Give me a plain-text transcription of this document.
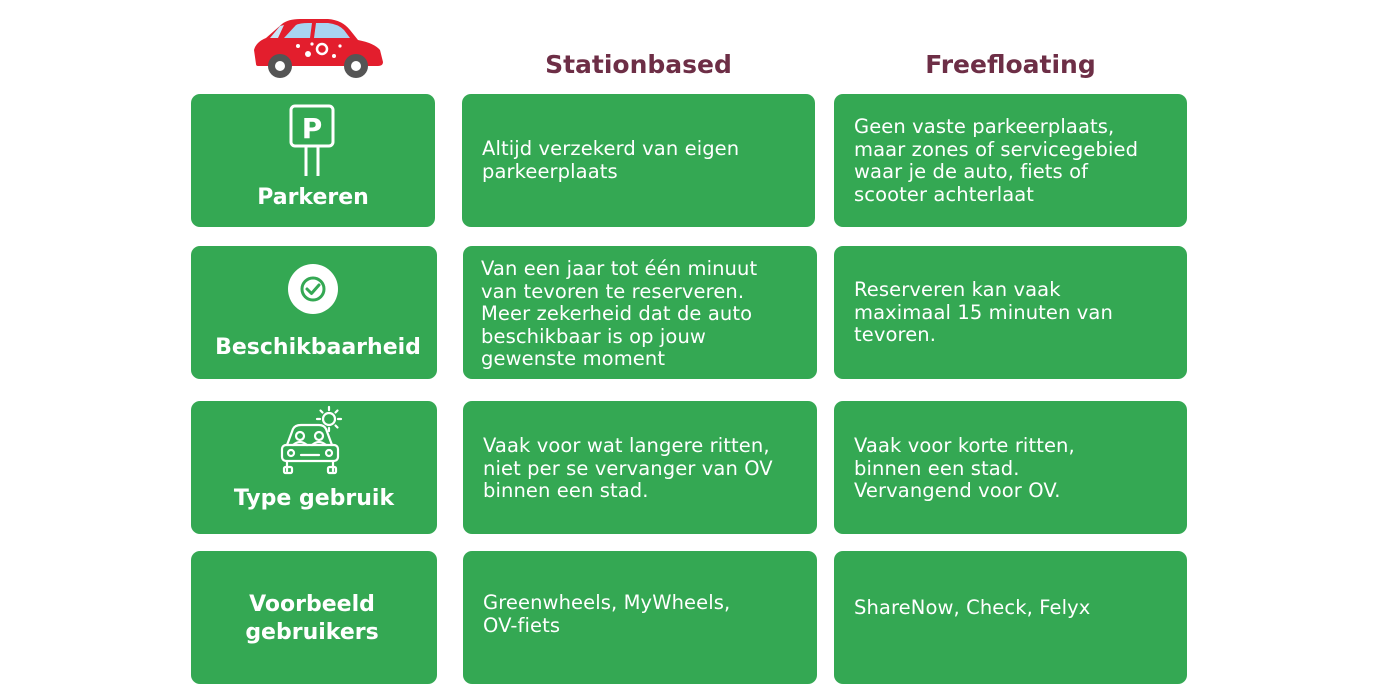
Stationbased	Freefloating
P
Parkeren
Altijd verzekerd van eigen
parkeerplaats
Geen vaste parkeerplaats,
maar zones of servicegebied
waar je de auto, fiets of
scooter achterlaat
Beschikbaarheid
Van een jaar tot één minuut
van tevoren te reserveren.
Meer zekerheid dat de auto
beschikbaar is op jouw
gewenste moment
Reserveren kan vaak
maximaal 15 minuten van
tevoren.
Type gebruik
Vaak voor wat langere ritten,
niet per se vervanger van OV
binnen een stad.
Vaak voor korte ritten,
binnen een stad.
Vervangend voor OV.
Voorbeeld
gebruikers
Greenwheels, MyWheels,
OV-fiets
ShareNow, Check, Felyx
